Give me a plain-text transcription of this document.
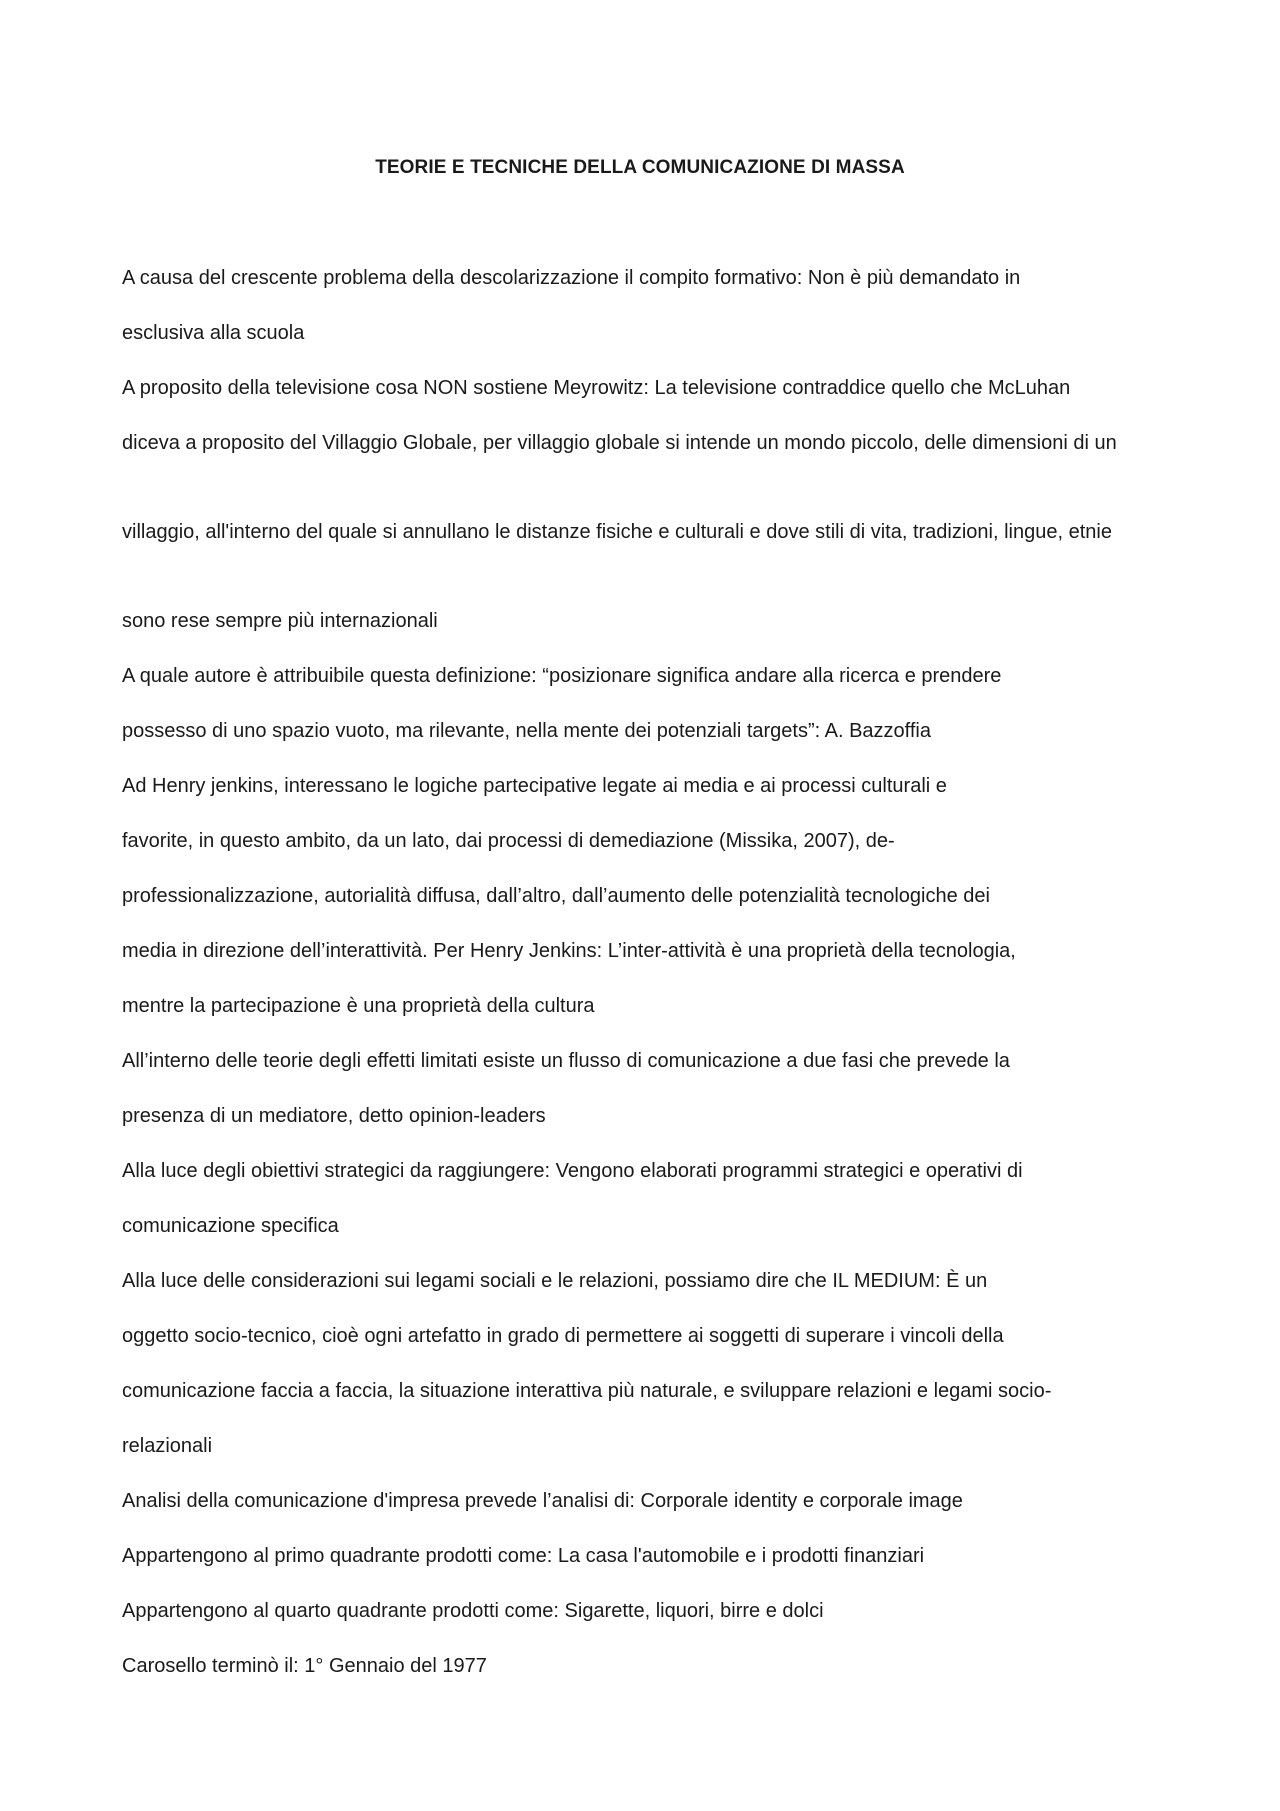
TEORIE E TECNICHE DELLA COMUNICAZIONE DI MASSA
A causa del crescente problema della descolarizzazione il compito formativo: Non è più demandato in
esclusiva alla scuola
A proposito della televisione cosa NON sostiene Meyrowitz: La televisione contraddice quello che McLuhan
diceva a proposito del Villaggio Globale, per villaggio globale si intende un mondo piccolo, delle dimensioni di un
villaggio, all'interno del quale si annullano le distanze fisiche e culturali e dove stili di vita, tradizioni, lingue, etnie
sono rese sempre più internazionali
A quale autore è attribuibile questa definizione: “posizionare significa andare alla ricerca e prendere
possesso di uno spazio vuoto, ma rilevante, nella mente dei potenziali targets”: A. Bazzoffia
Ad Henry jenkins, interessano le logiche partecipative legate ai media e ai processi culturali e
favorite, in questo ambito, da un lato, dai processi di demediazione (Missika, 2007), de-
professionalizzazione, autorialità diffusa, dall’altro, dall’aumento delle potenzialità tecnologiche dei
media in direzione dell’interattività. Per Henry Jenkins: L’inter-attività è una proprietà della tecnologia,
mentre la partecipazione è una proprietà della cultura
All’interno delle teorie degli effetti limitati esiste un flusso di comunicazione a due fasi che prevede la
presenza di un mediatore, detto opinion-leaders
Alla luce degli obiettivi strategici da raggiungere: Vengono elaborati programmi strategici e operativi di
comunicazione specifica
Alla luce delle considerazioni sui legami sociali e le relazioni, possiamo dire che IL MEDIUM: È un
oggetto socio-tecnico, cioè ogni artefatto in grado di permettere ai soggetti di superare i vincoli della
comunicazione faccia a faccia, la situazione interattiva più naturale, e sviluppare relazioni e legami socio-
relazionali
Analisi della comunicazione d'impresa prevede l’analisi di: Corporale identity e corporale image
Appartengono al primo quadrante prodotti come: La casa l'automobile e i prodotti finanziari
Appartengono al quarto quadrante prodotti come: Sigarette, liquori, birre e dolci
Carosello terminò il: 1° Gennaio del 1977
